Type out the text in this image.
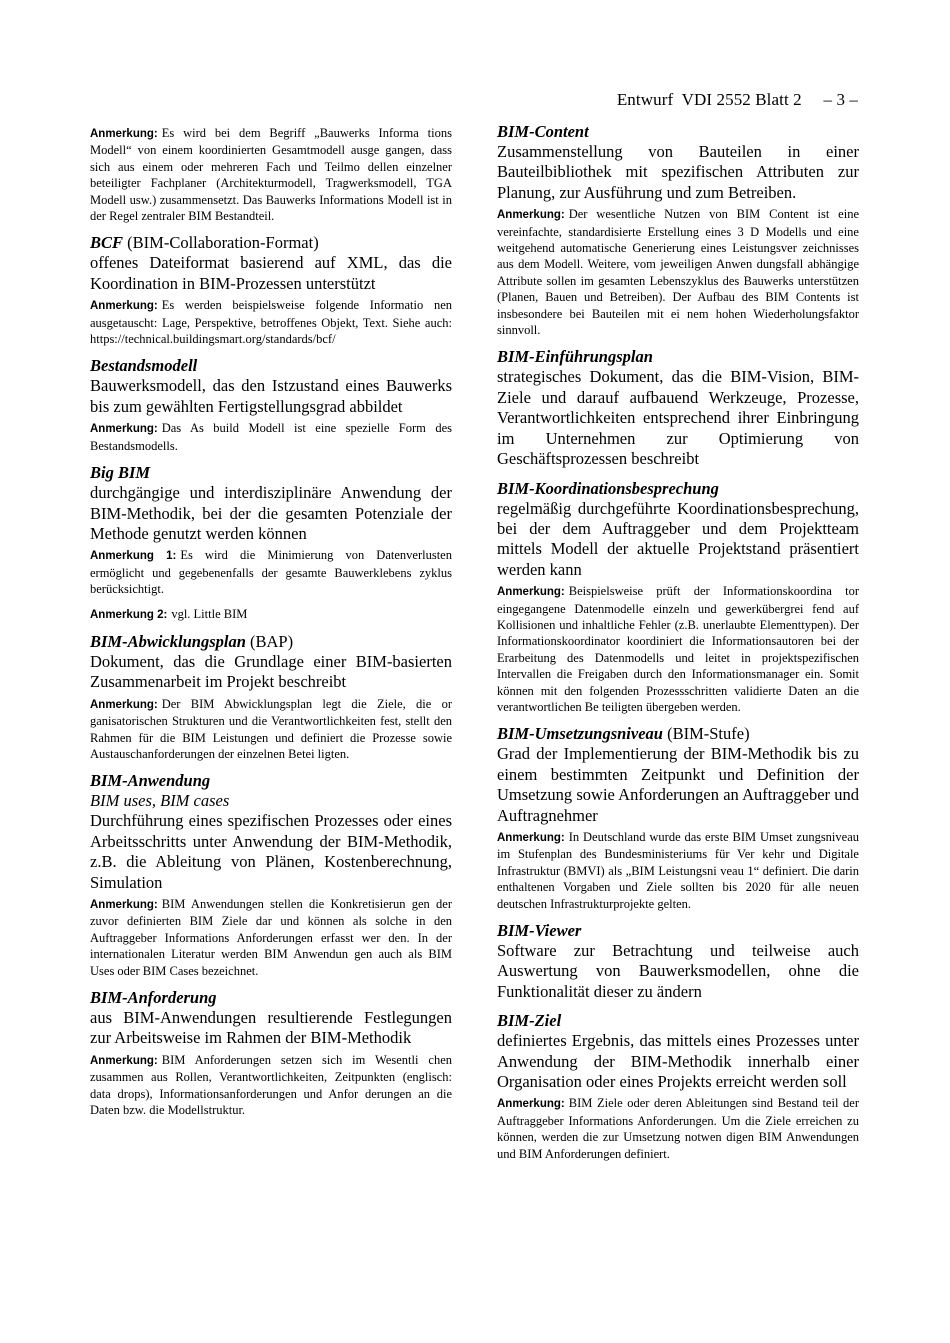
Entwurf  VDI 2552 Blatt 2 – 3 –

Anmerkung: Es wird bei dem Begriff „Bauwerks Informa tions Modell“ von einem koordinierten Gesamtmodell ausge gangen, dass sich aus einem oder mehreren Fach und Teilmo dellen einzelner beteiligter Fachplaner (Architekturmodell, Tragwerksmodell, TGA Modell usw.) zusammensetzt. Das Bauwerks Informations Modell ist in der Regel zentraler BIM Bestandteil.
BCF (BIM-Collaboration-Format)
offenes Dateiformat basierend auf XML, das die Koordination in BIM-Prozessen unterstützt
Anmerkung: Es werden beispielsweise folgende Informatio nen ausgetauscht: Lage, Perspektive, betroffenes Objekt, Text. Siehe auch: https://technical.buildingsmart.org/standards/bcf/
Bestandsmodell
Bauwerksmodell, das den Istzustand eines Bauwerks bis zum gewählten Fertigstellungsgrad abbildet
Anmerkung: Das As build Modell ist eine spezielle Form des Bestandsmodells.
Big BIM
durchgängige und interdisziplinäre Anwendung der BIM-Methodik, bei der die gesamten Potenziale der Methode genutzt werden können
Anmerkung 1: Es wird die Minimierung von Datenverlusten ermöglicht und gegebenenfalls der gesamte Bauwerklebens zyklus berücksichtigt.
Anmerkung 2: vgl. Little BIM
BIM-Abwicklungsplan (BAP)
Dokument, das die Grundlage einer BIM-basierten Zusammenarbeit im Projekt beschreibt
Anmerkung: Der BIM Abwicklungsplan legt die Ziele, die or ganisatorischen Strukturen und die Verantwortlichkeiten fest, stellt den Rahmen für die BIM Leistungen und definiert die Prozesse sowie Austauschanforderungen der einzelnen Betei ligten.
BIM-Anwendung
BIM uses, BIM cases
Durchführung eines spezifischen Prozesses oder eines Arbeitsschritts unter Anwendung der BIM-Methodik, z.B. die Ableitung von Plänen, Kostenberechnung, Simulation
Anmerkung: BIM Anwendungen stellen die Konkretisierun gen der zuvor definierten BIM Ziele dar und können als solche in den Auftraggeber Informations Anforderungen erfasst wer den. In der internationalen Literatur werden BIM Anwendun gen auch als BIM Uses oder BIM Cases bezeichnet.
BIM-Anforderung
aus BIM-Anwendungen resultierende Festlegungen zur Arbeitsweise im Rahmen der BIM-Methodik
Anmerkung: BIM Anforderungen setzen sich im Wesentli chen zusammen aus Rollen, Verantwortlichkeiten, Zeitpunkten (englisch: data drops), Informationsanforderungen und Anfor derungen an die Daten bzw. die Modellstruktur.
BIM-Content
Zusammenstellung von Bauteilen in einer Bauteilbibliothek mit spezifischen Attributen zur Planung, zur Ausführung und zum Betreiben.
Anmerkung: Der wesentliche Nutzen von BIM Content ist eine vereinfachte, standardisierte Erstellung eines 3 D Modells und eine weitgehend automatische Generierung eines Leistungsver zeichnisses aus dem Modell. Weitere, vom jeweiligen Anwen dungsfall abhängige Attribute sollen im gesamten Lebenszyklus des Bauwerks unterstützen (Planen, Bauen und Betreiben). Der Aufbau des BIM Contents ist insbesondere bei Bauteilen mit ei nem hohen Wiederholungsfaktor sinnvoll.
BIM-Einführungsplan
strategisches Dokument, das die BIM-Vision, BIM-Ziele und darauf aufbauend Werkzeuge, Prozesse, Verantwortlichkeiten entsprechend ihrer Einbringung im Unternehmen zur Optimierung von Geschäftsprozessen beschreibt
BIM-Koordinationsbesprechung
regelmäßig durchgeführte Koordinationsbesprechung, bei der dem Auftraggeber und dem Projektteam mittels Modell der aktuelle Projektstand präsentiert werden kann
Anmerkung: Beispielsweise prüft der Informationskoordina tor eingegangene Datenmodelle einzeln und gewerkübergrei fend auf Kollisionen und inhaltliche Fehler (z.B. unerlaubte Elementtypen). Der Informationskoordinator koordiniert die Informationsautoren bei der Erarbeitung des Datenmodells und leitet in projektspezifischen Intervallen die Freigaben durch den Informationsmanager ein. Somit können mit den folgenden Prozessschritten validierte Daten an die verantwortlichen Be teiligten übergeben werden.
BIM-Umsetzungsniveau (BIM-Stufe)
Grad der Implementierung der BIM-Methodik bis zu einem bestimmten Zeitpunkt und Definition der Umsetzung sowie Anforderungen an Auftraggeber und Auftragnehmer
Anmerkung: In Deutschland wurde das erste BIM Umset zungsniveau im Stufenplan des Bundesministeriums für Ver kehr und Digitale Infrastruktur (BMVI) als „BIM Leistungsni veau 1“ definiert. Die darin enthaltenen Vorgaben und Ziele sollten bis 2020 für alle neuen deutschen Infrastrukturprojekte gelten.
BIM-Viewer
Software zur Betrachtung und teilweise auch Auswertung von Bauwerksmodellen, ohne die Funktionalität dieser zu ändern
BIM-Ziel
definiertes Ergebnis, das mittels eines Prozesses unter Anwendung der BIM-Methodik innerhalb einer Organisation oder eines Projekts erreicht werden soll
Anmerkung: BIM Ziele oder deren Ableitungen sind Bestand teil der Auftraggeber Informations Anforderungen. Um die Ziele erreichen zu können, werden die zur Umsetzung notwen digen BIM Anwendungen und BIM Anforderungen definiert.
